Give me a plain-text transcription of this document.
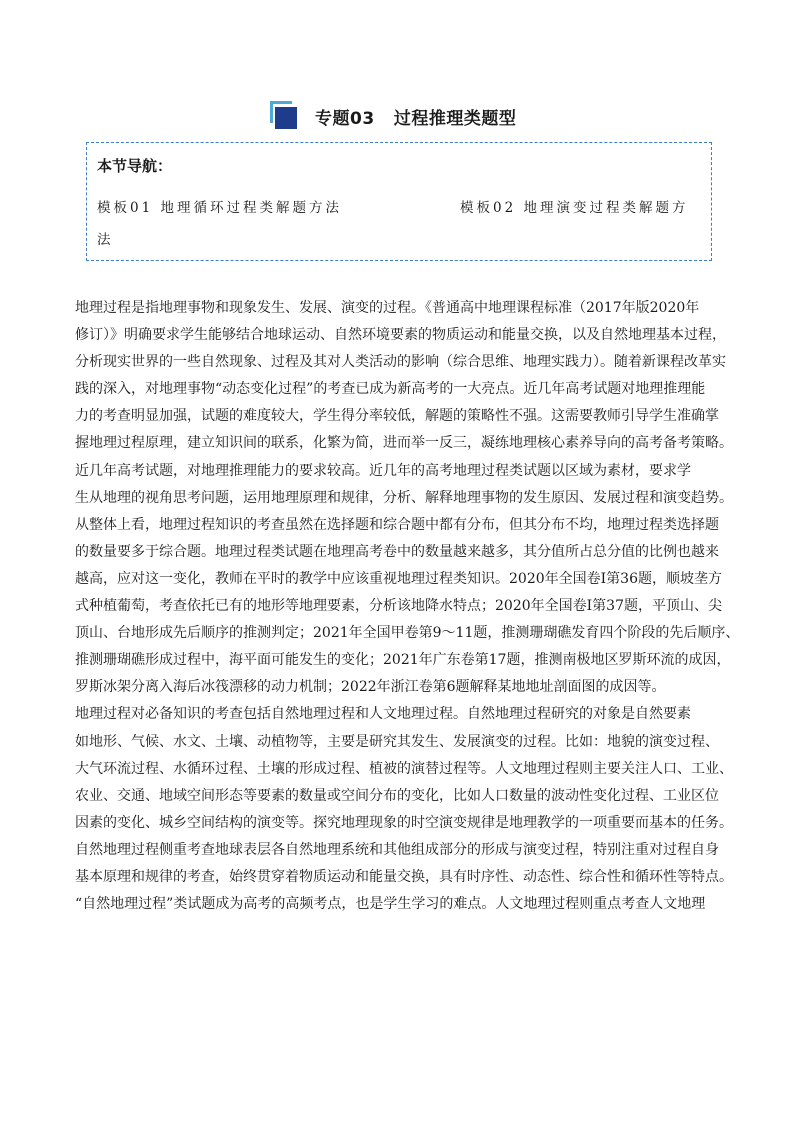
专题03   过程推理类题型
本节导航：
模板01 地理循环过程类解题方法	模板02 地理演变过程类解题方
法
地理过程是指地理事物和现象发生、发展、演变的过程。《普通高中地理课程标准（2017年版2020年
修订）》明确要求学生能够结合地球运动、自然环境要素的物质运动和能量交换，以及自然地理基本过程，
分析现实世界的一些自然现象、过程及其对人类活动的影响（综合思维、地理实践力）。随着新课程改革实
践的深入，对地理事物“动态变化过程”的考查已成为新高考的一大亮点。近几年高考试题对地理推理能
力的考查明显加强，试题的难度较大，学生得分率较低，解题的策略性不强。这需要教师引导学生准确掌
握地理过程原理，建立知识间的联系，化繁为简，进而举一反三，凝练地理核心素养导向的高考备考策略。
近几年高考试题，对地理推理能力的要求较高。近几年的高考地理过程类试题以区域为素材，要求学
生从地理的视角思考问题，运用地理原理和规律，分析、解释地理事物的发生原因、发展过程和演变趋势。
从整体上看，地理过程知识的考查虽然在选择题和综合题中都有分布，但其分布不均，地理过程类选择题
的数量要多于综合题。地理过程类试题在地理高考卷中的数量越来越多，其分值所占总分值的比例也越来
越高，应对这一变化，教师在平时的教学中应该重视地理过程类知识。2020年全国卷Ⅰ第36题，顺坡垄方
式种植葡萄，考查依托已有的地形等地理要素，分析该地降水特点；2020年全国卷Ⅰ第37题，平顶山、尖
顶山、台地形成先后顺序的推测判定；2021年全国甲卷第9～11题，推测珊瑚礁发育四个阶段的先后顺序、
推测珊瑚礁形成过程中，海平面可能发生的变化；2021年广东卷第17题，推测南极地区罗斯环流的成因，
罗斯冰架分离入海后冰筏漂移的动力机制；2022年浙江卷第6题解释某地地址剖面图的成因等。
地理过程对必备知识的考查包括自然地理过程和人文地理过程。自然地理过程研究的对象是自然要素
如地形、气候、水文、土壤、动植物等，主要是研究其发生、发展演变的过程。比如：地貌的演变过程、
大气环流过程、水循环过程、土壤的形成过程、植被的演替过程等。人文地理过程则主要关注人口、工业、
农业、交通、地域空间形态等要素的数量或空间分布的变化，比如人口数量的波动性变化过程、工业区位
因素的变化、城乡空间结构的演变等。探究地理现象的时空演变规律是地理教学的一项重要而基本的任务。
自然地理过程侧重考查地球表层各自然地理系统和其他组成部分的形成与演变过程，特别注重对过程自身
基本原理和规律的考查，始终贯穿着物质运动和能量交换，具有时序性、动态性、综合性和循环性等特点。
“自然地理过程”类试题成为高考的高频考点，也是学生学习的难点。人文地理过程则重点考查人文地理
